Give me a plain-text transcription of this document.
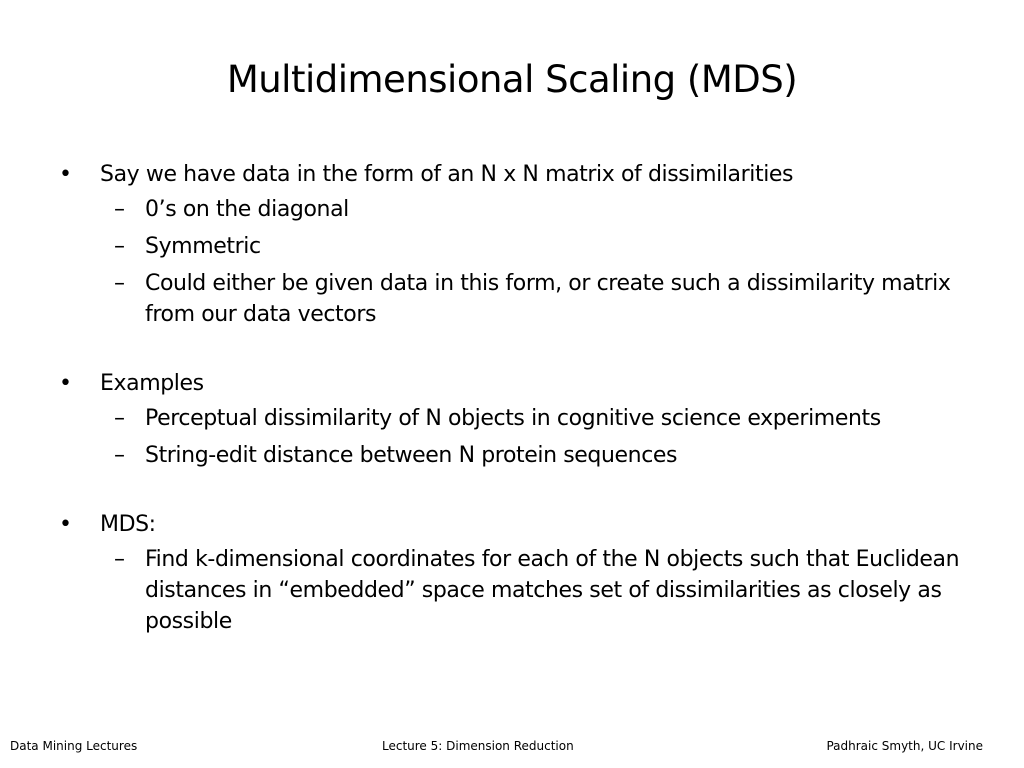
Multidimensional Scaling (MDS)
• Say we have data in the form of an N x N matrix of dissimilarities
– 0’s on the diagonal
– Symmetric
– Could either be given data in this form, or create such a dissimilarity matrix from our data vectors
• Examples
– Perceptual dissimilarity of N objects in cognitive science experiments
– String-edit distance between N protein sequences
• MDS:
– Find k-dimensional coordinates for each of the N objects such that Euclidean distances in “embedded” space matches set of dissimilarities as closely as possible
Data Mining Lectures	Lecture 5: Dimension Reduction	Padhraic Smyth, UC Irvine
